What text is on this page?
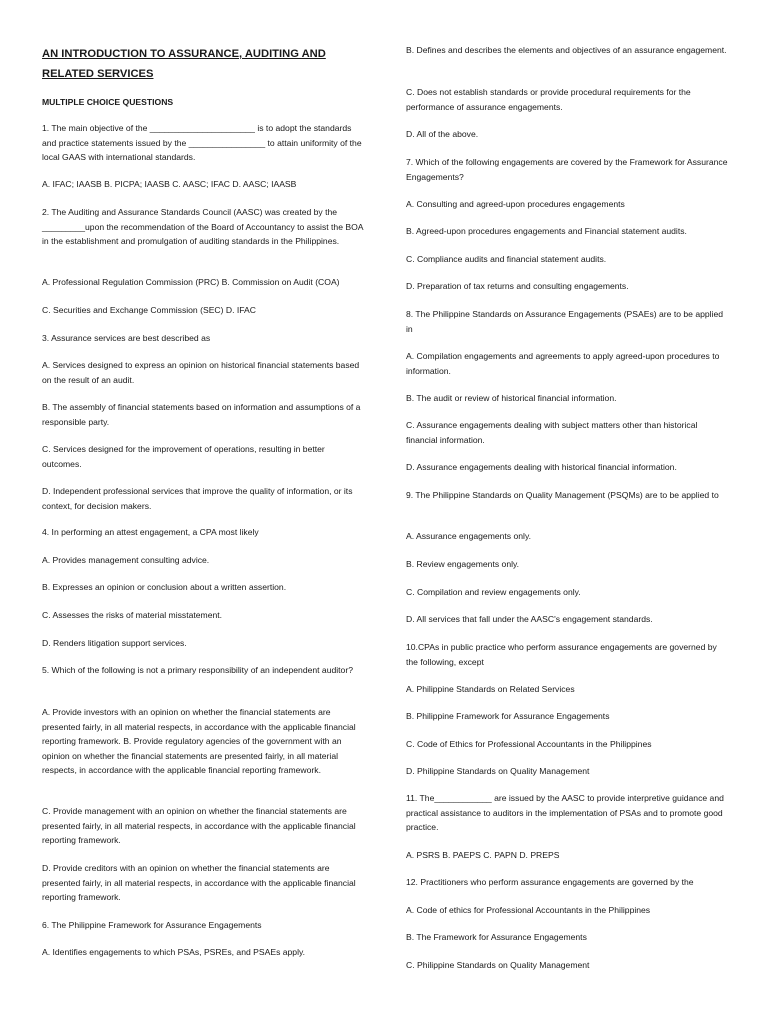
AN INTRODUCTION TO ASSURANCE, AUDITING AND
RELATED SERVICES
MULTIPLE CHOICE QUESTIONS

1. The main objective of the ______________________ is to adopt the standards and practice statements issued by the ________________ to attain uniformity of the local GAAS with international standards.

A. IFAC; IAASB B. PICPA; IAASB C. AASC; IFAC D. AASC; IAASB

2. The Auditing and Assurance Standards Council (AASC) was created by the _________upon the recommendation of the Board of Accountancy to assist the BOA in the establishment and promulgation of auditing standards in the Philippines.

A. Professional Regulation Commission (PRC) B. Commission on Audit (COA)

C. Securities and Exchange Commission (SEC) D. IFAC

3. Assurance services are best described as

A. Services designed to express an opinion on historical financial statements based on the result of an audit.

B. The assembly of financial statements based on information and assumptions of a responsible party.

C. Services designed for the improvement of operations, resulting in better outcomes.

D. Independent professional services that improve the quality of information, or its context, for decision makers.

4. In performing an attest engagement, a CPA most likely

A. Provides management consulting advice.

B. Expresses an opinion or conclusion about a written assertion.

C. Assesses the risks of material misstatement.

D. Renders litigation support services.

5. Which of the following is not a primary responsibility of an independent auditor?

A. Provide investors with an opinion on whether the financial statements are presented fairly, in all material respects, in accordance with the applicable financial reporting framework. B. Provide regulatory agencies of the government with an opinion on whether the financial statements are presented fairly, in all material respects, in accordance with the applicable financial reporting framework.

C. Provide management with an opinion on whether the financial statements are presented fairly, in all material respects, in accordance with the applicable financial reporting framework.

D. Provide creditors with an opinion on whether the financial statements are presented fairly, in all material respects, in accordance with the applicable financial reporting framework.

6. The Philippine Framework for Assurance Engagements

A. Identifies engagements to which PSAs, PSREs, and PSAEs apply.

B. Defines and describes the elements and objectives of an assurance engagement.

C. Does not establish standards or provide procedural requirements for the performance of assurance engagements.

D. All of the above.

7. Which of the following engagements are covered by the Framework for Assurance Engagements?

A. Consulting and agreed-upon procedures engagements

B. Agreed-upon procedures engagements and Financial statement audits.

C. Compliance audits and financial statement audits.

D. Preparation of tax returns and consulting engagements.

8. The Philippine Standards on Assurance Engagements (PSAEs) are to be applied in

A. Compilation engagements and agreements to apply agreed-upon procedures to information.

B. The audit or review of historical financial information.

C. Assurance engagements dealing with subject matters other than historical financial information.

D. Assurance engagements dealing with historical financial information.

9. The Philippine Standards on Quality Management (PSQMs) are to be applied to

A. Assurance engagements only.

B. Review engagements only.

C. Compilation and review engagements only.

D. All services that fall under the AASC's engagement standards.

10.CPAs in public practice who perform assurance engagements are governed by the following, except

A. Philippine Standards on Related Services

B. Philippine Framework for Assurance Engagements

C. Code of Ethics for Professional Accountants in the Philippines

D. Philippine Standards on Quality Management

11. The____________ are issued by the AASC to provide interpretive guidance and practical assistance to auditors in the implementation of PSAs and to promote good practice.

A. PSRS B. PAEPS C. PAPN D. PREPS

12. Practitioners who perform assurance engagements are governed by the

A. Code of ethics for Professional Accountants in the Philippines

B. The Framework for Assurance Engagements

C. Philippine Standards on Quality Management
